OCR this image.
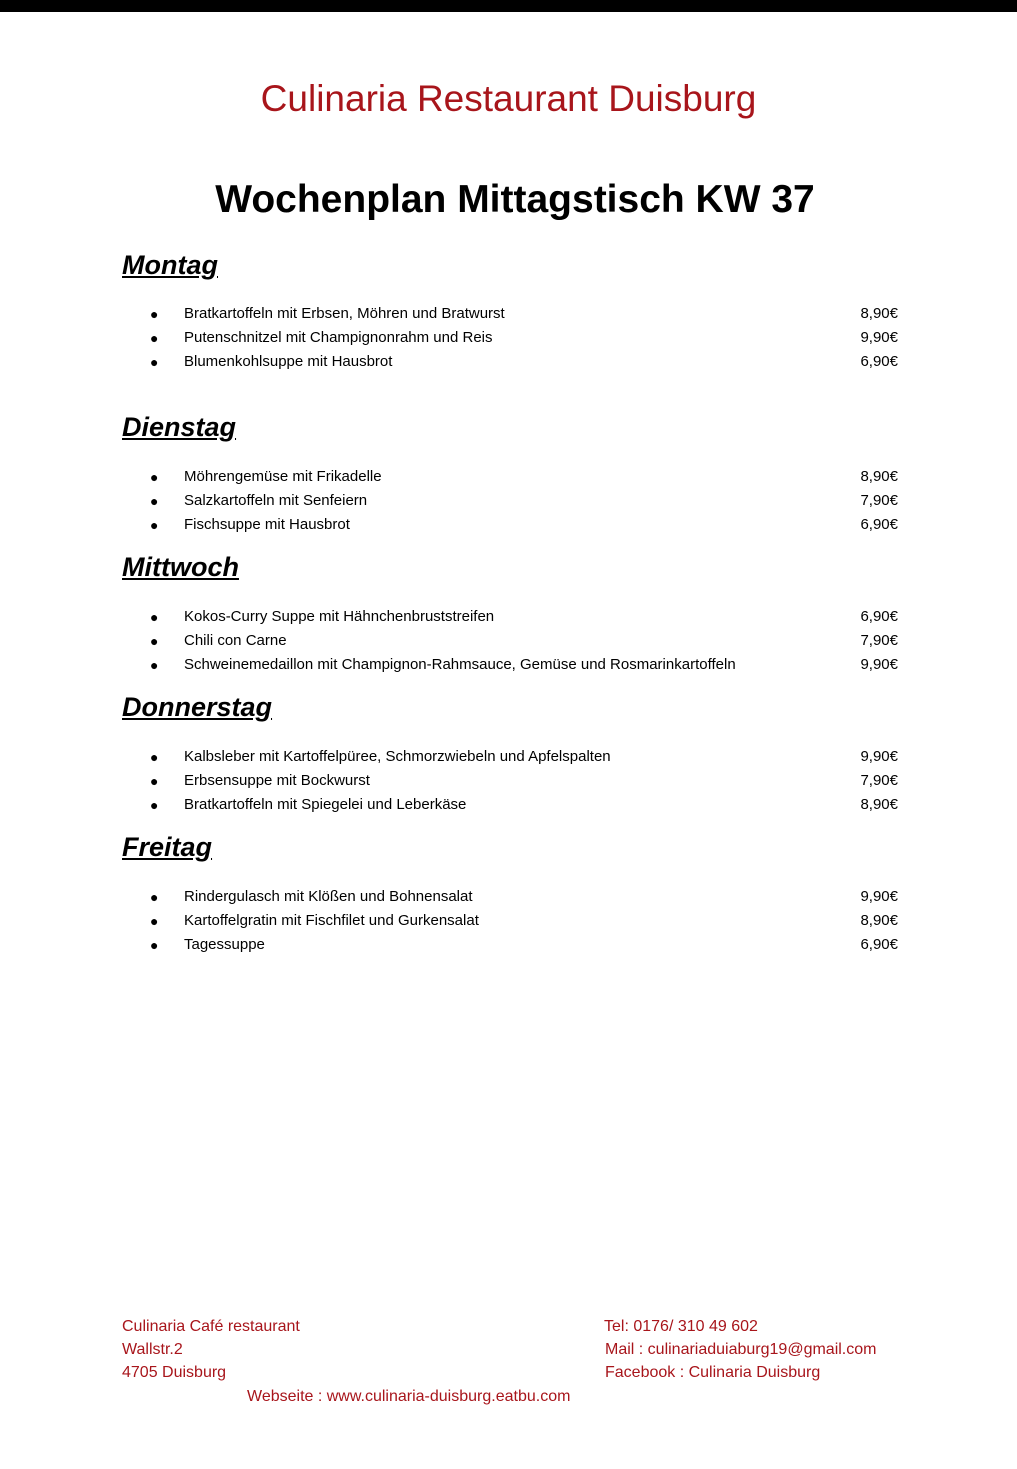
Culinaria Restaurant Duisburg
Wochenplan Mittagstisch KW 37
Montag
● Bratkartoffeln mit Erbsen, Möhren und Bratwurst	8,90€
● Putenschnitzel mit Champignonrahm und Reis	9,90€
● Blumenkohlsuppe mit Hausbrot	6,90€
Dienstag
● Möhrengemüse mit Frikadelle	8,90€
● Salzkartoffeln mit Senfeiern	7,90€
● Fischsuppe mit Hausbrot	6,90€
Mittwoch
● Kokos-Curry Suppe mit Hähnchenbruststreifen	6,90€
● Chili con Carne	7,90€
● Schweinemedaillon mit Champignon-Rahmsauce, Gemüse und Rosmarinkartoffeln	9,90€
Donnerstag
● Kalbsleber mit Kartoffelpüree, Schmorzwiebeln und Apfelspalten	9,90€
● Erbsensuppe mit Bockwurst	7,90€
● Bratkartoffeln mit Spiegelei und Leberkäse	8,90€
Freitag
● Rindergulasch mit Klößen und Bohnensalat	9,90€
● Kartoffelgratin mit Fischfilet und Gurkensalat	8,90€
● Tagessuppe	6,90€

Culinaria Café restaurant

Wallstr.2

4705 Duisburg

Tel: 0176/ 310 49 602

Mail : culinariaduiaburg19@gmail.com

Facebook : Culinaria Duisburg

Webseite : www.culinaria-duisburg.eatbu.com
